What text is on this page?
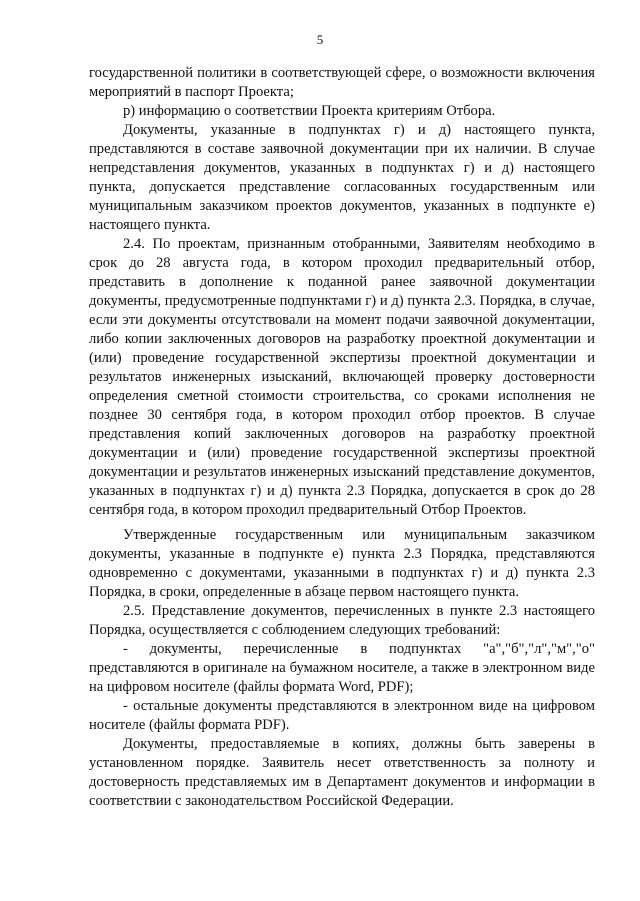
5

государственной политики в соответствующей сфере, о возможности включения мероприятий в паспорт Проекта;

р) информацию о соответствии Проекта критериям Отбора.

Документы, указанные в подпунктах г) и д) настоящего пункта, представляются в составе заявочной документации при их наличии. В случае непредставления документов, указанных в подпунктах г) и д) настоящего пункта, допускается представление согласованных государственным или муниципальным заказчиком проектов документов, указанных в подпункте е) настоящего пункта.

2.4. По проектам, признанным отобранными, Заявителям необходимо в срок до 28 августа года, в котором проходил предварительный отбор, представить в дополнение к поданной ранее заявочной документации документы, предусмотренные подпунктами г) и д) пункта 2.3. Порядка, в случае, если эти документы отсутствовали на момент подачи заявочной документации, либо копии заключенных договоров на разработку проектной документации и (или) проведение государственной экспертизы проектной документации и результатов инженерных изысканий, включающей проверку достоверности определения сметной стоимости строительства, со сроками исполнения не позднее 30 сентября года, в котором проходил отбор проектов. В случае представления копий заключенных договоров на разработку проектной документации и (или) проведение государственной экспертизы проектной документации и результатов инженерных изысканий представление документов, указанных в подпунктах г) и д) пункта 2.3 Порядка, допускается в срок до 28 сентября года, в котором проходил предварительный Отбор Проектов.

Утвержденные государственным или муниципальным заказчиком документы, указанные в подпункте е) пункта 2.3 Порядка, представляются одновременно с документами, указанными в подпунктах г) и д) пункта 2.3 Порядка, в сроки, определенные в абзаце первом настоящего пункта.

2.5. Представление документов, перечисленных в пункте 2.3 настоящего Порядка, осуществляется с соблюдением следующих требований:

- документы, перечисленные в подпунктах "а","б","л","м","о" представляются в оригинале на бумажном носителе, а также в электронном виде на цифровом носителе (файлы формата Word, PDF);

- остальные документы представляются в электронном виде на цифровом носителе (файлы формата PDF).

Документы, предоставляемые в копиях, должны быть заверены в установленном порядке. Заявитель несет ответственность за полноту и достоверность представляемых им в Департамент документов и информации в соответствии с законодательством Российской Федерации.
